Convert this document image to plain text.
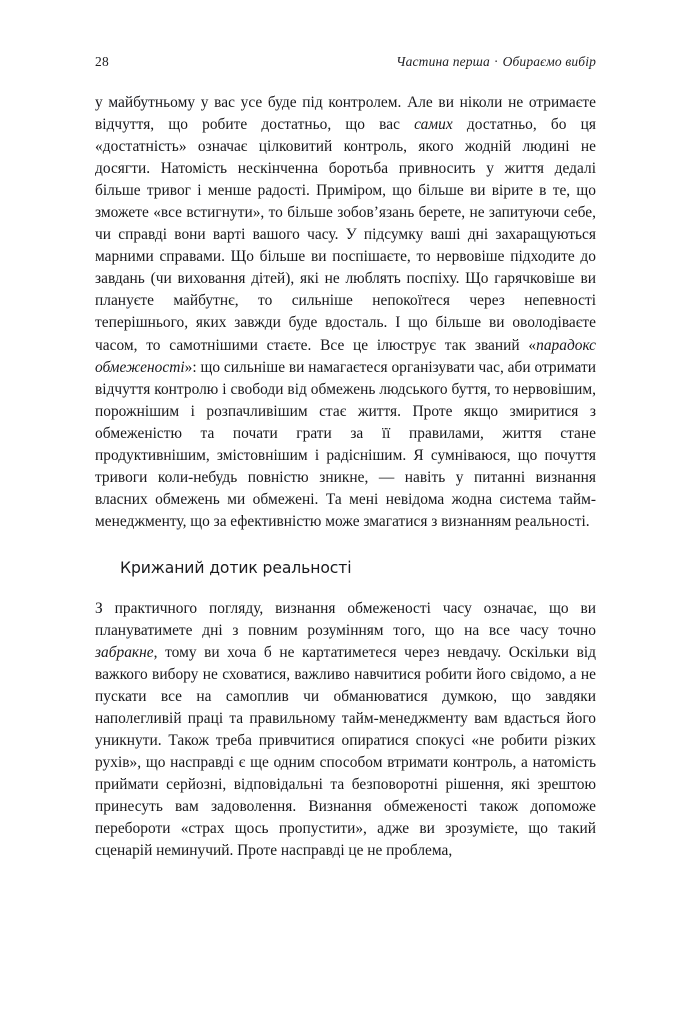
28	Частина перша · Обираємо вибір

у майбутньому у вас усе буде під контролем. Але ви ніколи не отримаєте відчуття, що робите достатньо, що вас самих достатньо, бо ця «достатність» означає цілковитий контроль, якого жодній людині не досягти. Натомість нескінченна боротьба привносить у життя дедалі більше тривог і менше радості. Приміром, що більше ви вірите в те, що зможете «все встигнути», то більше зобов’язань берете, не запитуючи себе, чи справді вони варті вашого часу. У підсумку ваші дні захаращуються марними справами. Що більше ви поспішаєте, то нервовіше підходите до завдань (чи виховання дітей), які не люблять поспіху. Що гарячковіше ви плануєте майбутнє, то сильніше непокоїтеся через непевності теперішнього, яких завжди буде вдосталь. І що більше ви оволодіваєте часом, то самотнішими стаєте. Все це ілюструє так званий «парадокс обмеженості»: що сильніше ви намагаєтеся організувати час, аби отримати відчуття контролю і свободи від обмежень людського буття, то нервовішим, порожнішим і розпачливішим стає життя. Проте якщо змиритися з обмеженістю та почати грати за її правилами, життя стане продуктивнішим, змістовнішим і радіснішим. Я сумніваюся, що почуття тривоги коли-небудь повністю зникне, — навіть у питанні визнання власних обмежень ми обмежені. Та мені невідома жодна система тайм-менеджменту, що за ефективністю може змагатися з визнанням реальності.

Крижаний дотик реальності

З практичного погляду, визнання обмеженості часу означає, що ви плануватимете дні з повним розумінням того, що на все часу точно забракне, тому ви хоча б не картатиметеся через невдачу. Оскільки від важкого вибору не сховатися, важливо навчитися робити його свідомо, а не пускати все на самоплив чи обманюватися думкою, що завдяки наполегливій праці та правильному тайм-менеджменту вам вдасться його уникнути. Також треба привчитися опиратися спокусі «не робити різких рухів», що насправді є ще одним способом втримати контроль, а натомість приймати серйозні, відповідальні та безповоротні рішення, які зрештою принесуть вам задоволення. Визнання обмеженості також допоможе перебороти «страх щось пропустити», адже ви зрозумієте, що такий сценарій неминучий. Проте насправді це не проблема,
